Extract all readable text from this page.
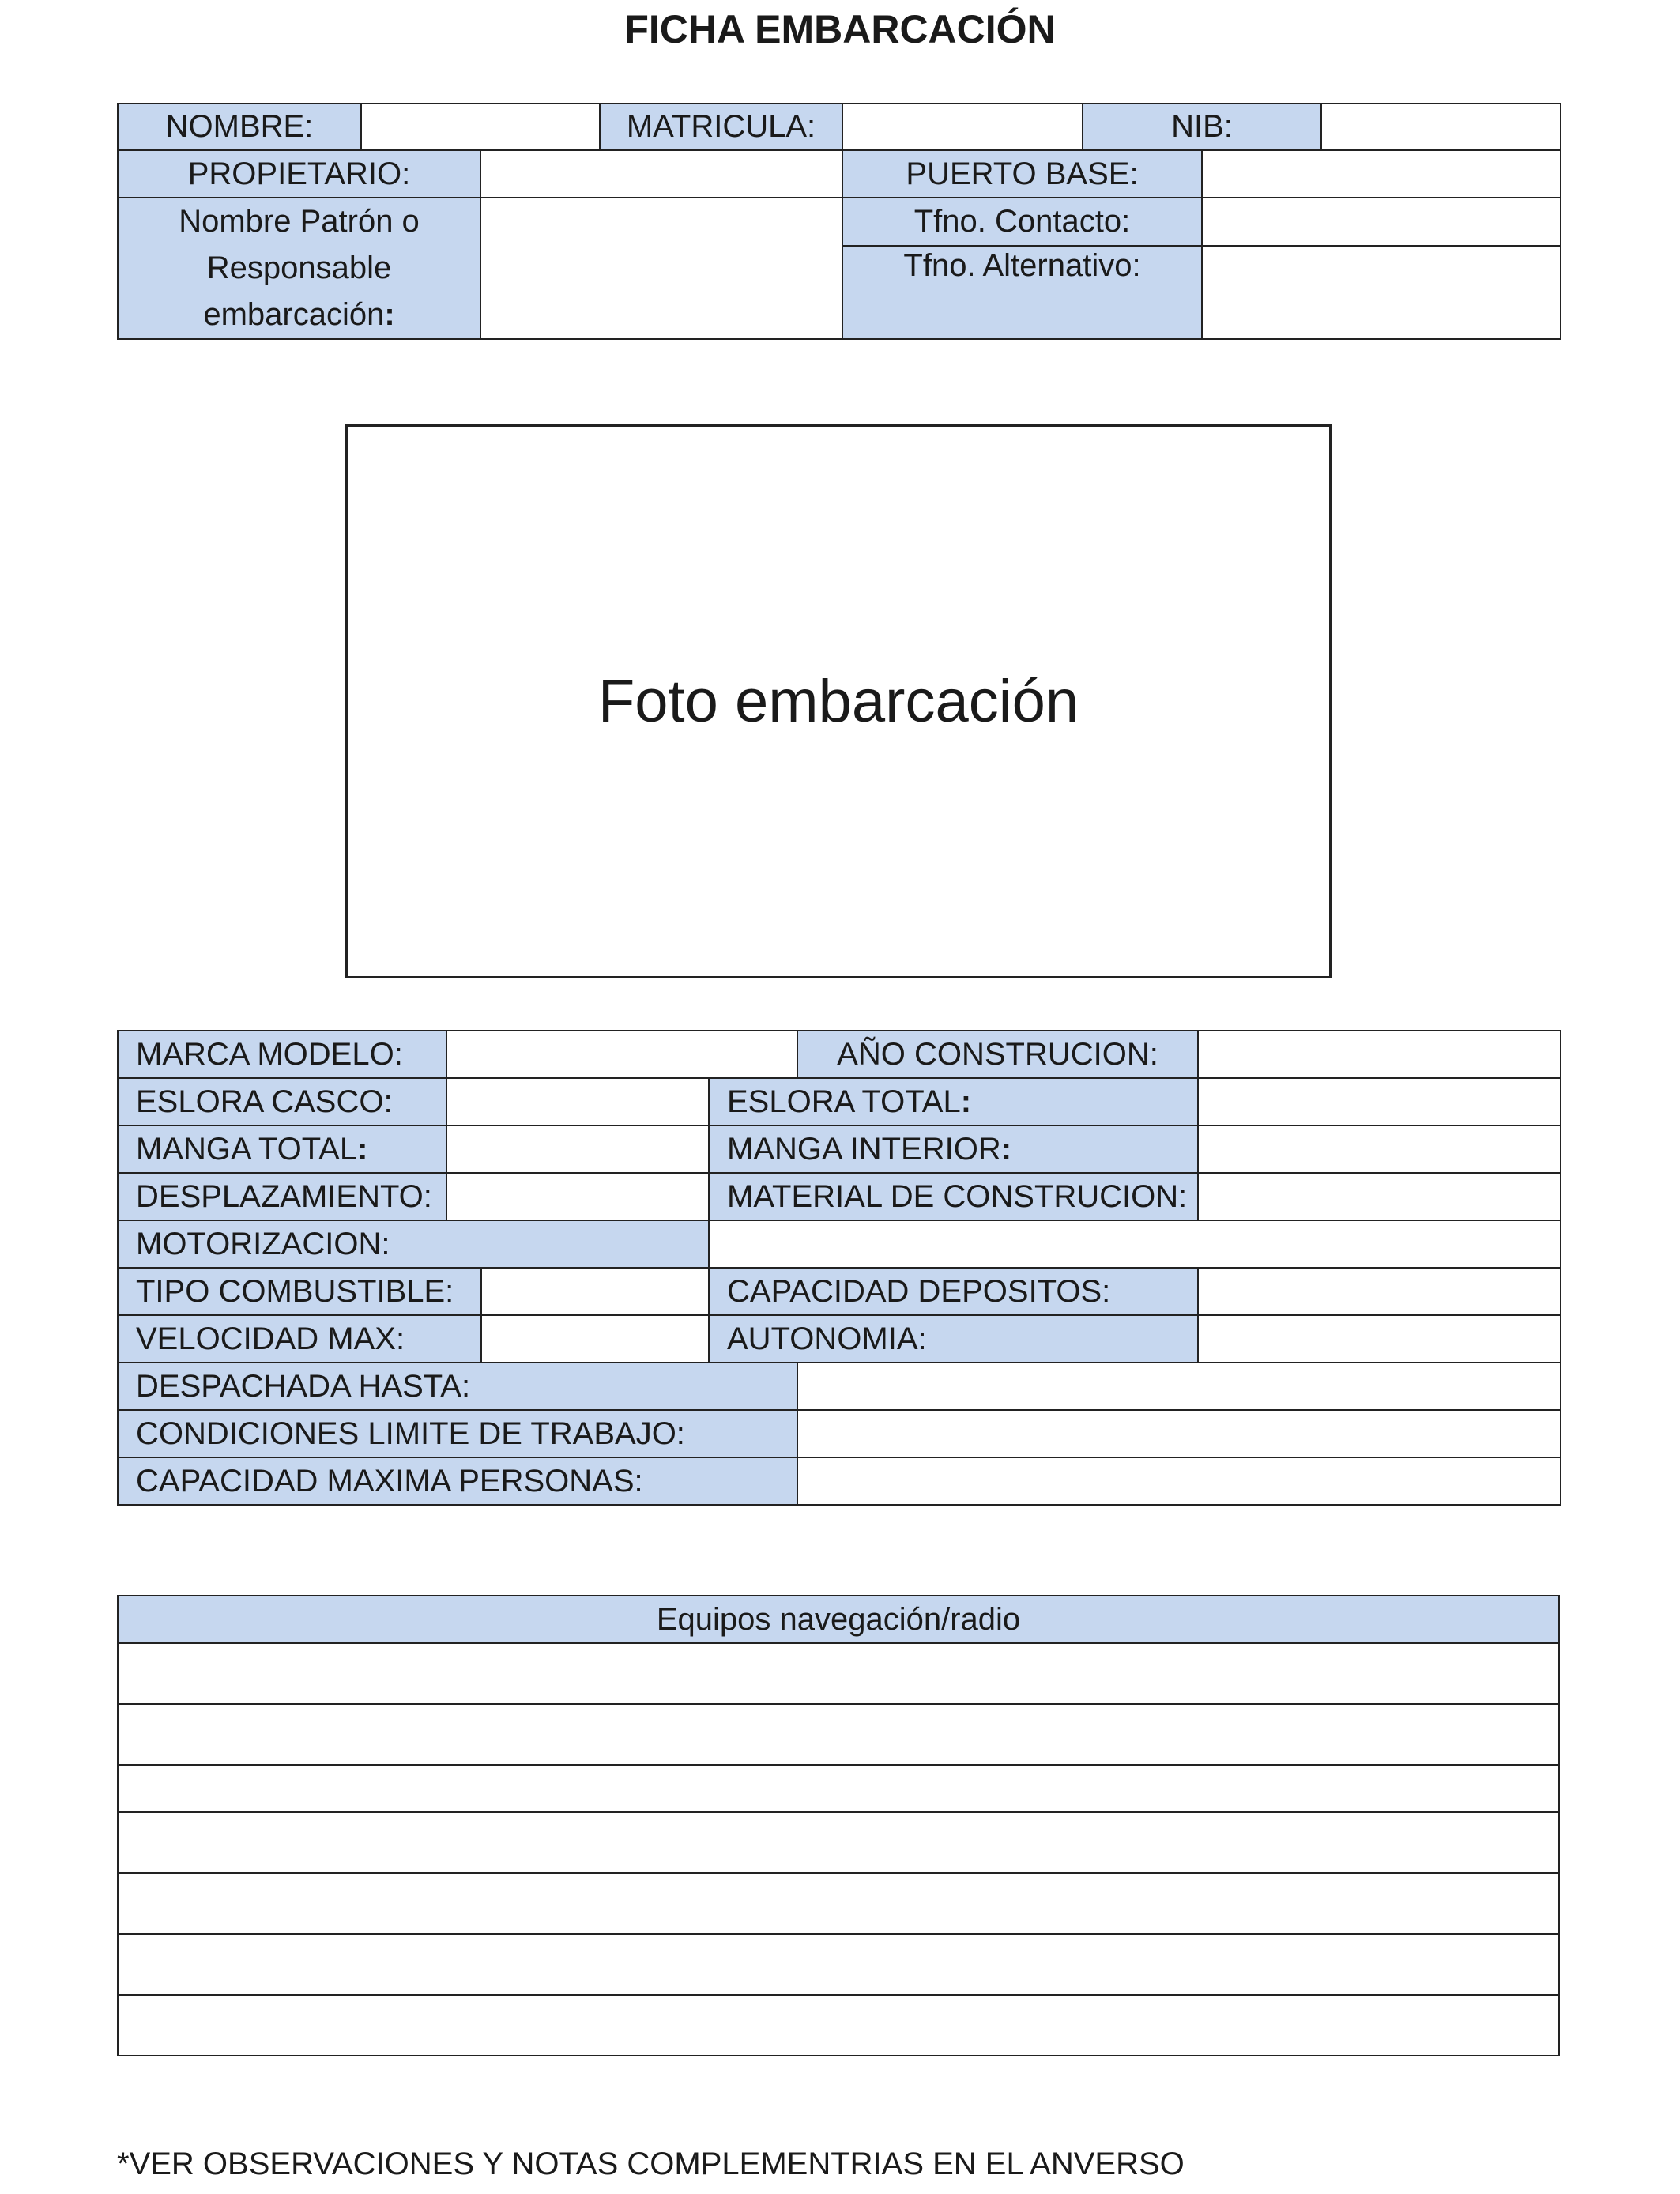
FICHA EMBARCACIÓN
NOMBRE:			MATRICULA:		NIB:		
PROPIETARIO:				PUERTO BASE:			

Nombre Patrón o
Responsable
embarcación:				Tfno. Contacto:			
				Tfno. Alternativo:			
Foto embarcación
MARCA MODELO:				AÑO CONSTRUCION:	
ESLORA CASCO:			ESLORA TOTAL:		
MANGA TOTAL:			MANGA INTERIOR:		
DESPLAZAMIENTO:			MATERIAL DE CONSTRUCION:		
MOTORIZACION:					
TIPO COMBUSTIBLE:			CAPACIDAD DEPOSITOS:		
VELOCIDAD MAX:			AUTONOMIA:		
DESPACHADA HASTA:					
CONDICIONES LIMITE DE TRABAJO:					
CAPACIDAD MAXIMA PERSONAS:					
Equipos navegación/radio

*VER OBSERVACIONES Y NOTAS COMPLEMENTRIAS EN EL ANVERSO
